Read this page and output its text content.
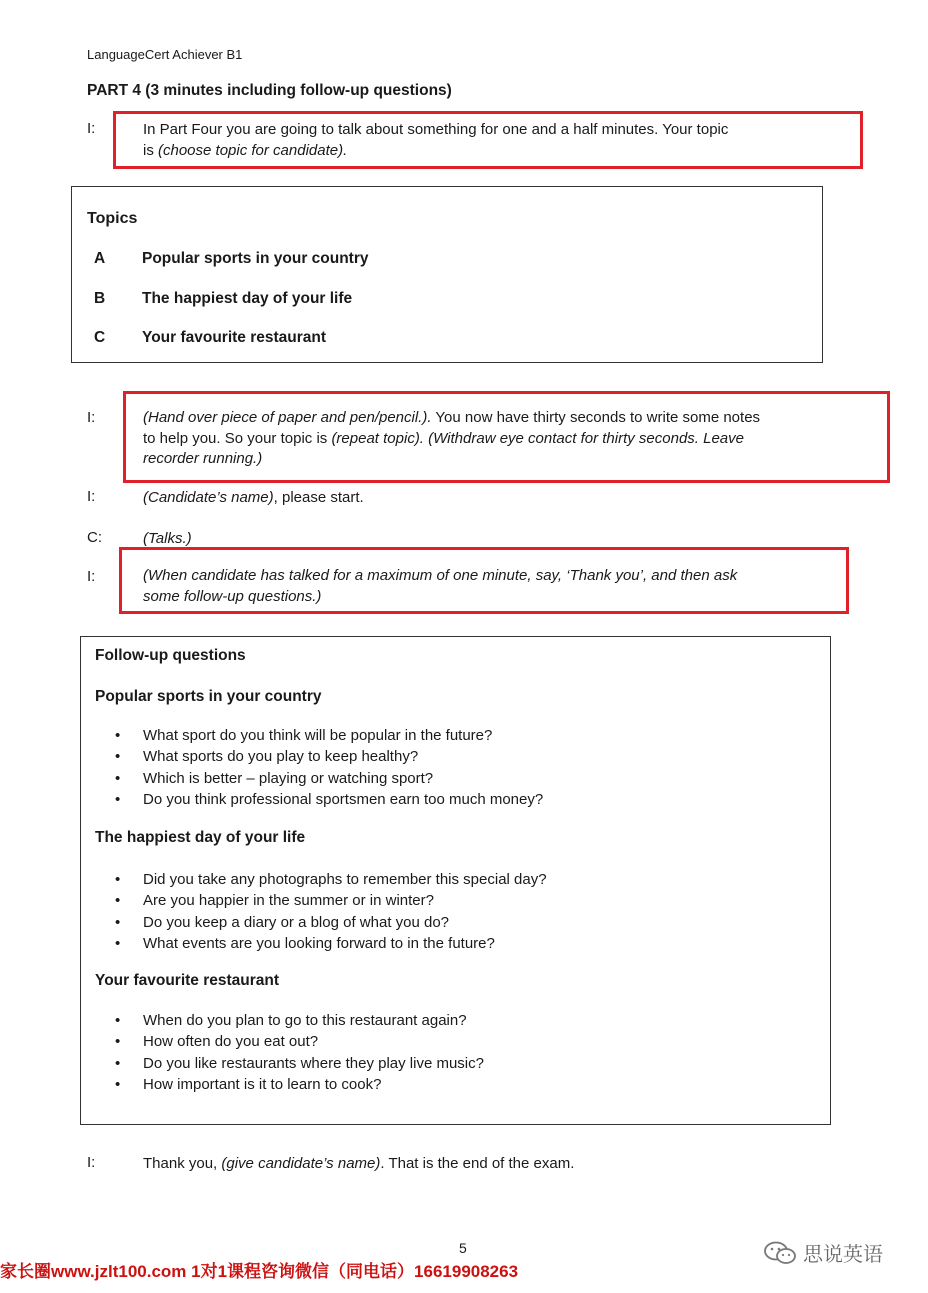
LanguageCert Achiever B1
PART 4 (3 minutes including follow-up questions)
I:	In Part Four you are going to talk about something for one and a half minutes. Your topic
is (choose topic for candidate).
Topics
A Popular sports in your country
B The happiest day of your life
C Your favourite restaurant
I:	(Hand over piece of paper and pen/pencil.). You now have thirty seconds to write some notes
to help you. So your topic is (repeat topic). (Withdraw eye contact for thirty seconds. Leave
recorder running.)
I:	(Candidate’s name), please start.
C:	(Talks.)
I:	(When candidate has talked for a maximum of one minute, say, ‘Thank you’, and then ask
some follow-up questions.)
Follow-up questions
Popular sports in your country
• What sport do you think will be popular in the future?
• What sports do you play to keep healthy?
• Which is better – playing or watching sport?
• Do you think professional sportsmen earn too much money?
The happiest day of your life
• Did you take any photographs to remember this special day?
• Are you happier in the summer or in winter?
• Do you keep a diary or a blog of what you do?
• What events are you looking forward to in the future?
Your favourite restaurant
• When do you plan to go to this restaurant again?
• How often do you eat out?
• Do you like restaurants where they play live music?
• How important is it to learn to cook?
I:	Thank you, (give candidate’s name). That is the end of the exam.
5
家长圈www.jzlt100.com 1对1课程咨询微信（同电话）16619908263
思说英语
